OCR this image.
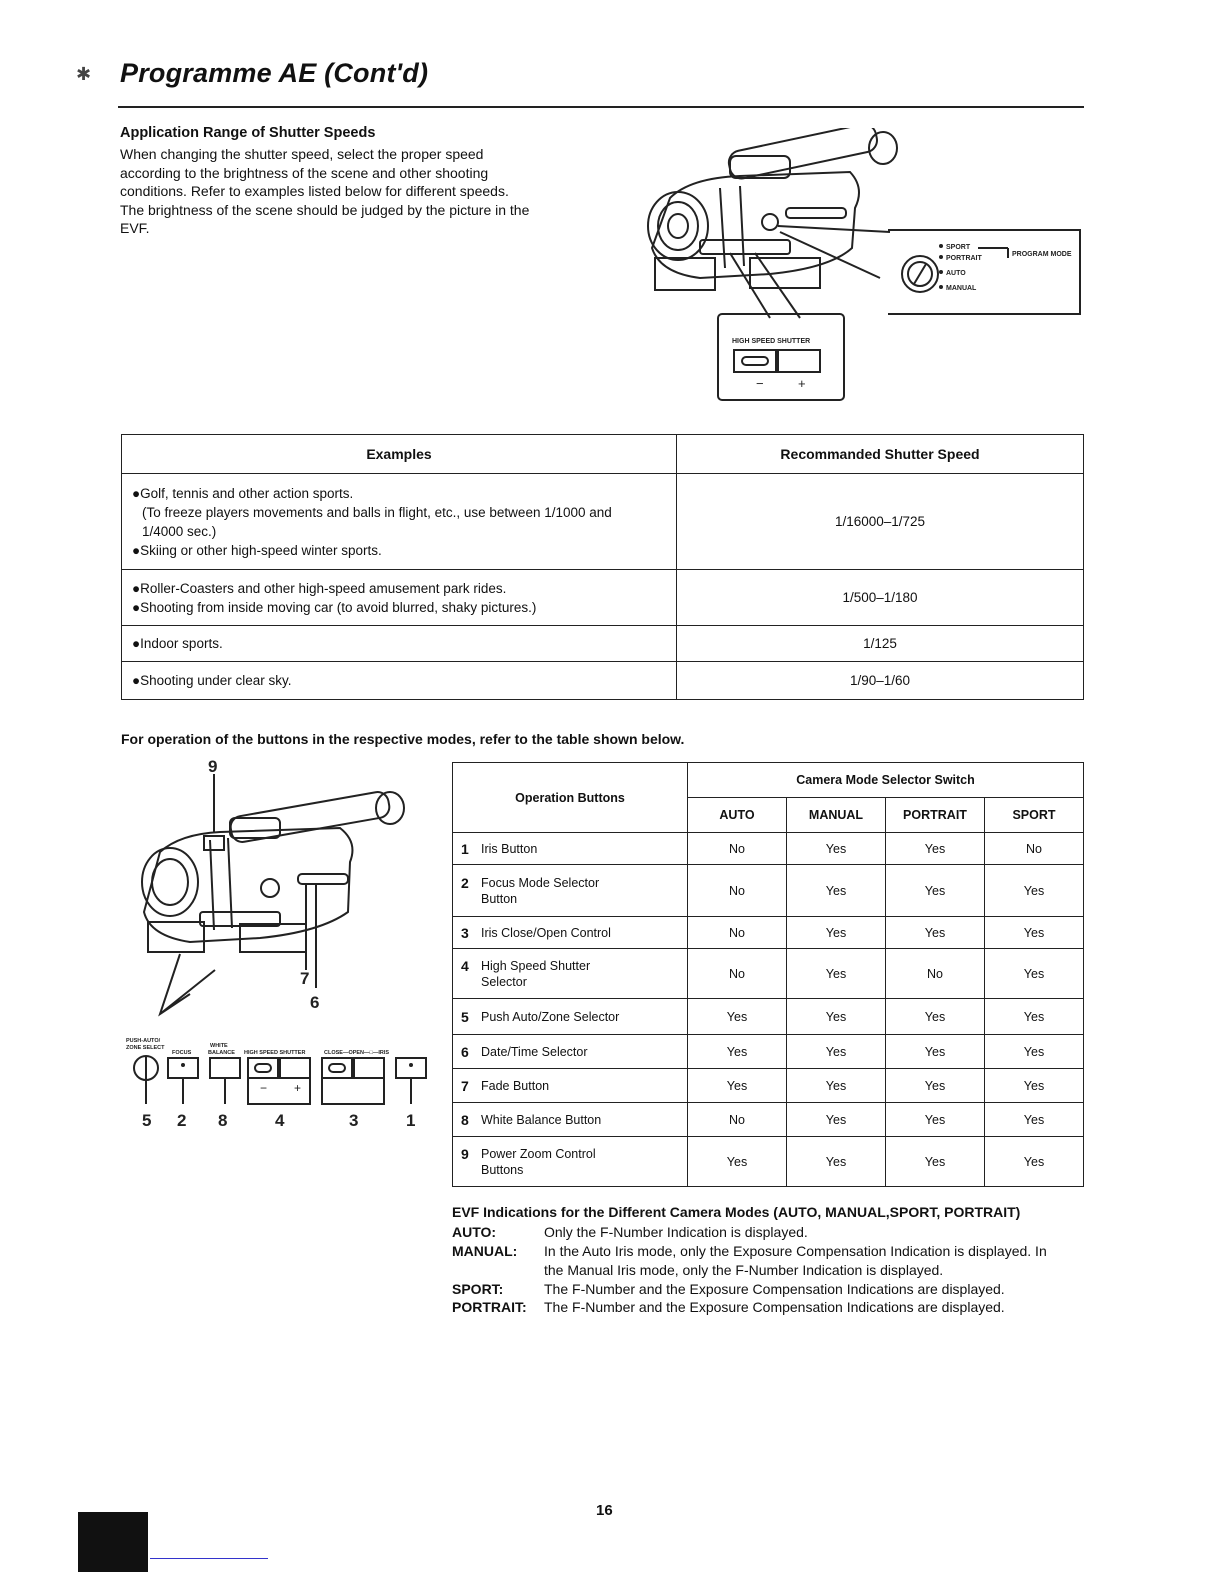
✱ Programme AE (Cont'd)
Application Range of Shutter Speeds
When changing the shutter speed, select the proper speed
according to the brightness of the scene and other shooting
conditions. Refer to examples listed below for different speeds.
The brightness of the scene should be judged by the picture in the
EVF.
SPORT
PORTRAIT
AUTO
MANUAL
PROGRAM MODE
HIGH SPEED SHUTTER
−	+
Examples	Recommanded Shutter Speed

●Golf, tennis and other action sports.
(To freeze players movements and balls in flight, etc., use between 1/1000 and
1/4000 sec.)
●Skiing or other high-speed winter sports.	1/16000–1/725

●Roller-Coasters and other high-speed amusement park rides.
●Shooting from inside moving car (to avoid blurred, shaky pictures.)	1/500–1/180
●Indoor sports.	1/125
●Shooting under clear sky.	1/90–1/60
For operation of the buttons in the respective modes, refer to the table shown below.
9
7
6
5 2 8	4	3	1
PUSH-AUTO/
ZONE SELECT
FOCUS
WHITE
BALANCE HIGH SPEED SHUTTER	CLOSE—OPEN—□—IRIS
− +
Operation Buttons	Camera Mode Selector Switch			
	AUTO	MANUAL	PORTRAIT	SPORT
1 Iris Button	No	Yes	Yes	No
2 Focus Mode Selector Button	No	Yes	Yes	Yes
3 Iris Close/Open Control	No	Yes	Yes	Yes
4 High Speed Shutter Selector	No	Yes	No	Yes
5 Push Auto/Zone Selector	Yes	Yes	Yes	Yes
6 Date/Time Selector	Yes	Yes	Yes	Yes
7 Fade Button	Yes	Yes	Yes	Yes
8 White Balance Button	No	Yes	Yes	Yes
9 Power Zoom Control Buttons	Yes	Yes	Yes	Yes
EVF Indications for the Different Camera Modes (AUTO, MANUAL,SPORT, PORTRAIT)
AUTO:	Only the F-Number Indication is displayed.
MANUAL: In the Auto Iris mode, only the Exposure Compensation Indication is displayed. In
the Manual Iris mode, only the F-Number Indication is displayed.
SPORT:	The F-Number and the Exposure Compensation Indications are displayed.
PORTRAIT: The F-Number and the Exposure Compensation Indications are displayed.
16
